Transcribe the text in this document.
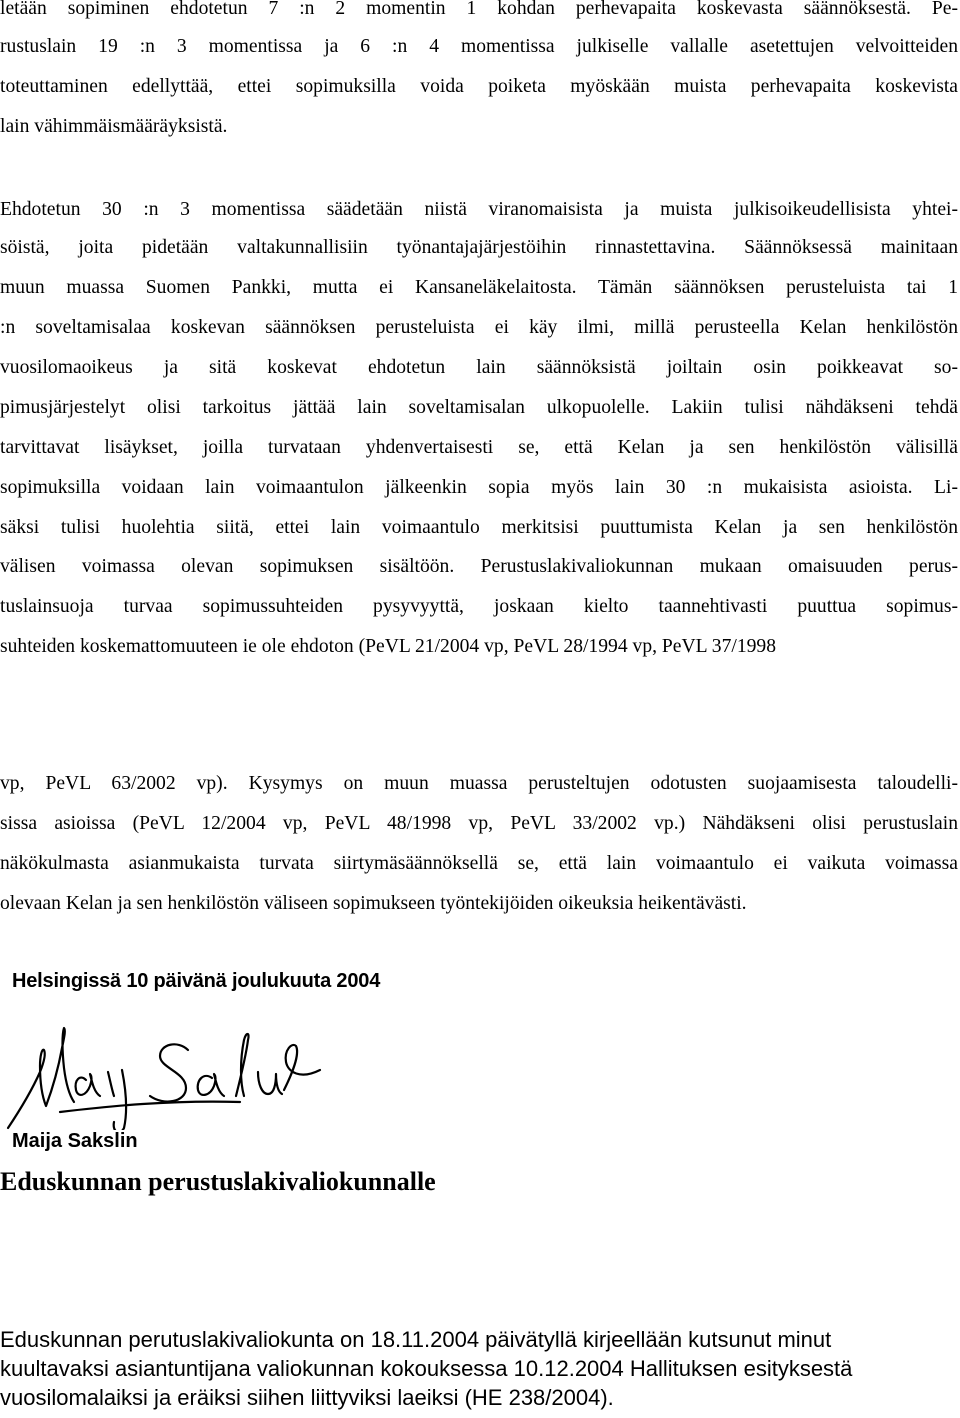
letään sopiminen ehdotetun 7 :n 2 momentin 1 kohdan perhevapaita koskevasta säännöksestä. Pe-
rustuslain 19 :n 3 momentissa ja 6 :n 4 momentissa julkiselle vallalle asetettujen velvoitteiden
toteuttaminen edellyttää, ettei sopimuksilla voida poiketa myöskään muista perhevapaita koskevista
lain vähimmäismääräyksistä.
Ehdotetun 30 :n 3 momentissa säädetään niistä viranomaisista ja muista julkisoikeudellisista yhtei-
söistä, joita pidetään valtakunnallisiin työnantajajärjestöihin rinnastettavina. Säännöksessä mainitaan
muun muassa Suomen Pankki, mutta ei Kansaneläkelaitosta. Tämän säännöksen perusteluista tai 1
:n soveltamisalaa koskevan säännöksen perusteluista ei käy ilmi, millä perusteella Kelan henkilöstön
vuosilomaoikeus ja sitä koskevat ehdotetun lain säännöksistä joiltain osin poikkeavat so-
pimusjärjestelyt olisi tarkoitus jättää lain soveltamisalan ulkopuolelle. Lakiin tulisi nähdäkseni tehdä
tarvittavat lisäykset, joilla turvataan yhdenvertaisesti se, että Kelan ja sen henkilöstön välisillä
sopimuksilla voidaan lain voimaantulon jälkeenkin sopia myös lain 30 :n mukaisista asioista. Li-
säksi tulisi huolehtia siitä, ettei lain voimaantulo merkitsisi puuttumista Kelan ja sen henkilöstön
välisen voimassa olevan sopimuksen sisältöön. Perustuslakivaliokunnan mukaan omaisuuden perus-
tuslainsuoja turvaa sopimussuhteiden pysyvyyttä, joskaan kielto taannehtivasti puuttua sopimus-
suhteiden koskemattomuuteen ie ole ehdoton (PeVL 21/2004 vp, PeVL 28/1994 vp, PeVL 37/1998
vp, PeVL 63/2002 vp). Kysymys on muun muassa perusteltujen odotusten suojaamisesta taloudelli-
sissa asioissa (PeVL 12/2004 vp, PeVL 48/1998 vp, PeVL 33/2002 vp.) Nähdäkseni olisi perustuslain
näkökulmasta asianmukaista turvata siirtymäsäännöksellä se, että lain voimaantulo ei vaikuta voimassa
olevaan Kelan ja sen henkilöstön väliseen sopimukseen työntekijöiden oikeuksia heikentävästi.
Helsingissä 10 päivänä joulukuuta 2004
Maija Sakslin
Eduskunnan perustuslakivaliokunnalle
Eduskunnan perutuslakivaliokunta on 18.11.2004 päivätyllä kirjeellään kutsunut minut
kuultavaksi asiantuntijana valiokunnan kokouksessa 10.12.2004 Hallituksen esityksestä
vuosilomalaiksi ja eräiksi siihen liittyviksi laeiksi (HE 238/2004).
